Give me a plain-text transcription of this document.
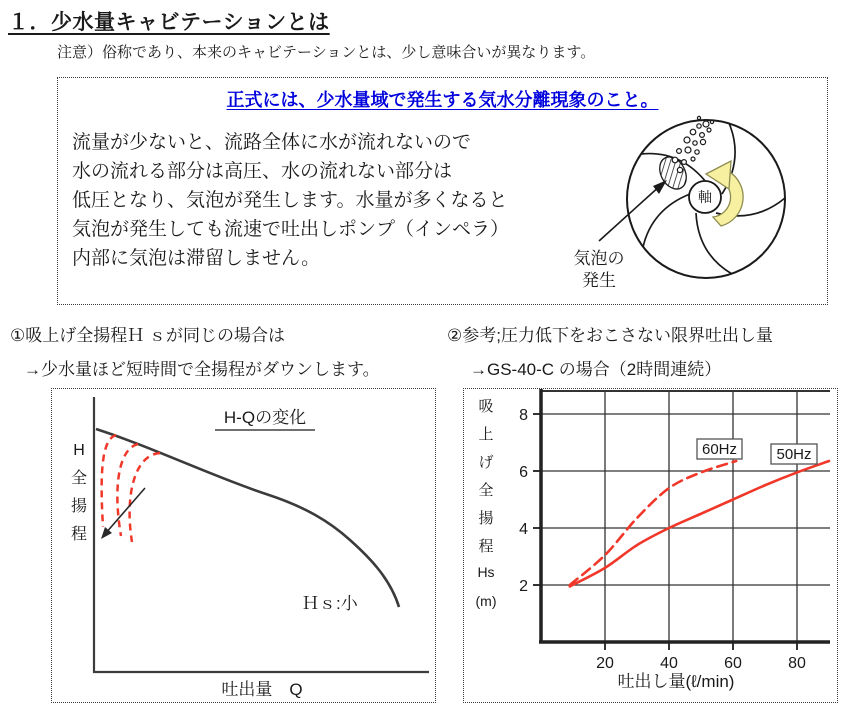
１．少水量キャビテーションとは
注意）俗称であり、本来のキャビテーションとは、少し意味合いが異なります。
正式には、少水量域で発生する気水分離現象のこと。
流量が少ないと、流路全体に水が流れないので
水の流れる部分は高圧、水の流れない部分は
低圧となり、気泡が発生します。水量が多くなると
気泡が発生しても流速で吐出しポンプ（インペラ）
内部に気泡は滞留しません。
軸
気泡の
発生
①吸上げ全揚程Ｈ ｓが同じの場合は
→少水量ほど短時間で全揚程がダウンします。
②参考;圧力低下をおこさない限界吐出し量
→GS-40-C の場合（2時間連続）
H-Qの変化
H
全
揚
程
Ｈｓ:小
吐出量　Q
20	40	60	80
8
6
4
2
吸
上
げ
全
揚
程
Hs
(m)
吐出し量(ℓ/min)
60Hz	50Hz
